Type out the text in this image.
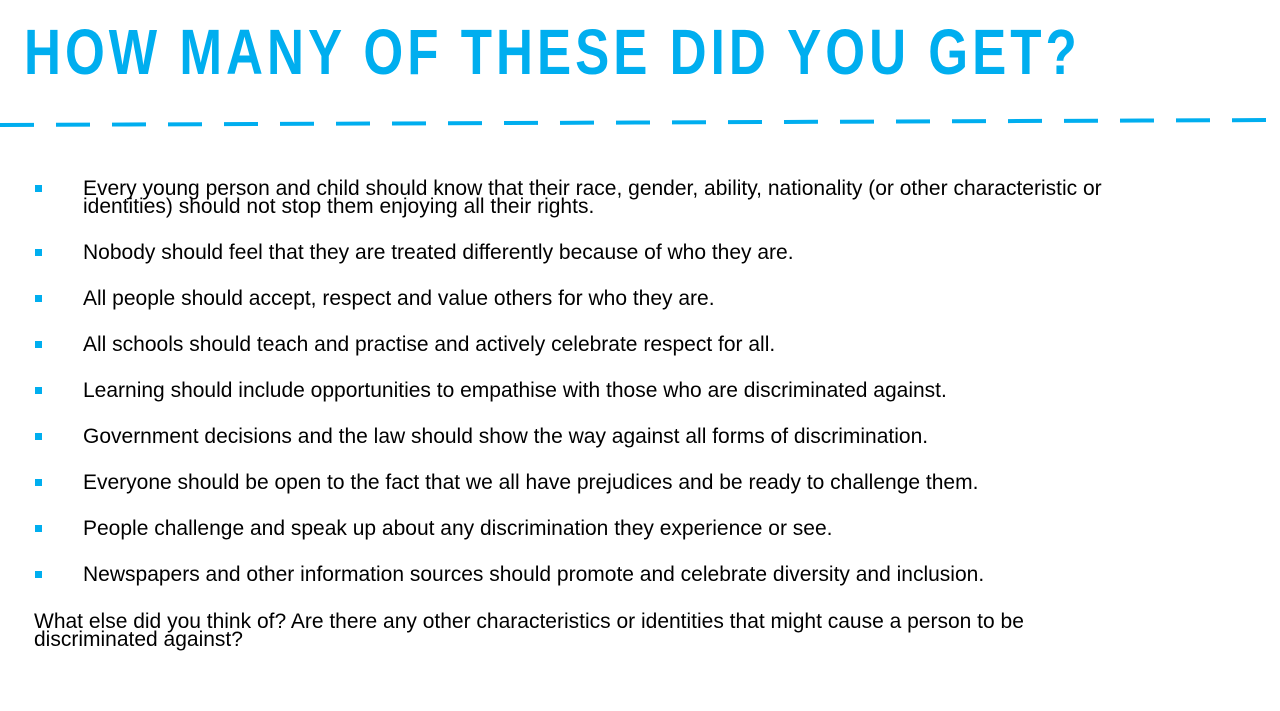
HOW MANY OF THESE DID YOU GET?
Every young person and child should know that their race, gender, ability, nationality (or other characteristic or identities) should not stop them enjoying all their rights.
Nobody should feel that they are treated differently because of who they are.
All people should accept, respect and value others for who they are.
All schools should teach and practise and actively celebrate respect for all.
Learning should include opportunities to empathise with those who are discriminated against.
Government decisions and the law should show the way against all forms of discrimination.
Everyone should be open to the fact that we all have prejudices and be ready to challenge them.
People challenge and speak up about any discrimination they experience or see.
Newspapers and other information sources should promote and celebrate diversity and inclusion.

What else did you think of? Are there any other characteristics or identities that might cause a person to be discriminated against?
